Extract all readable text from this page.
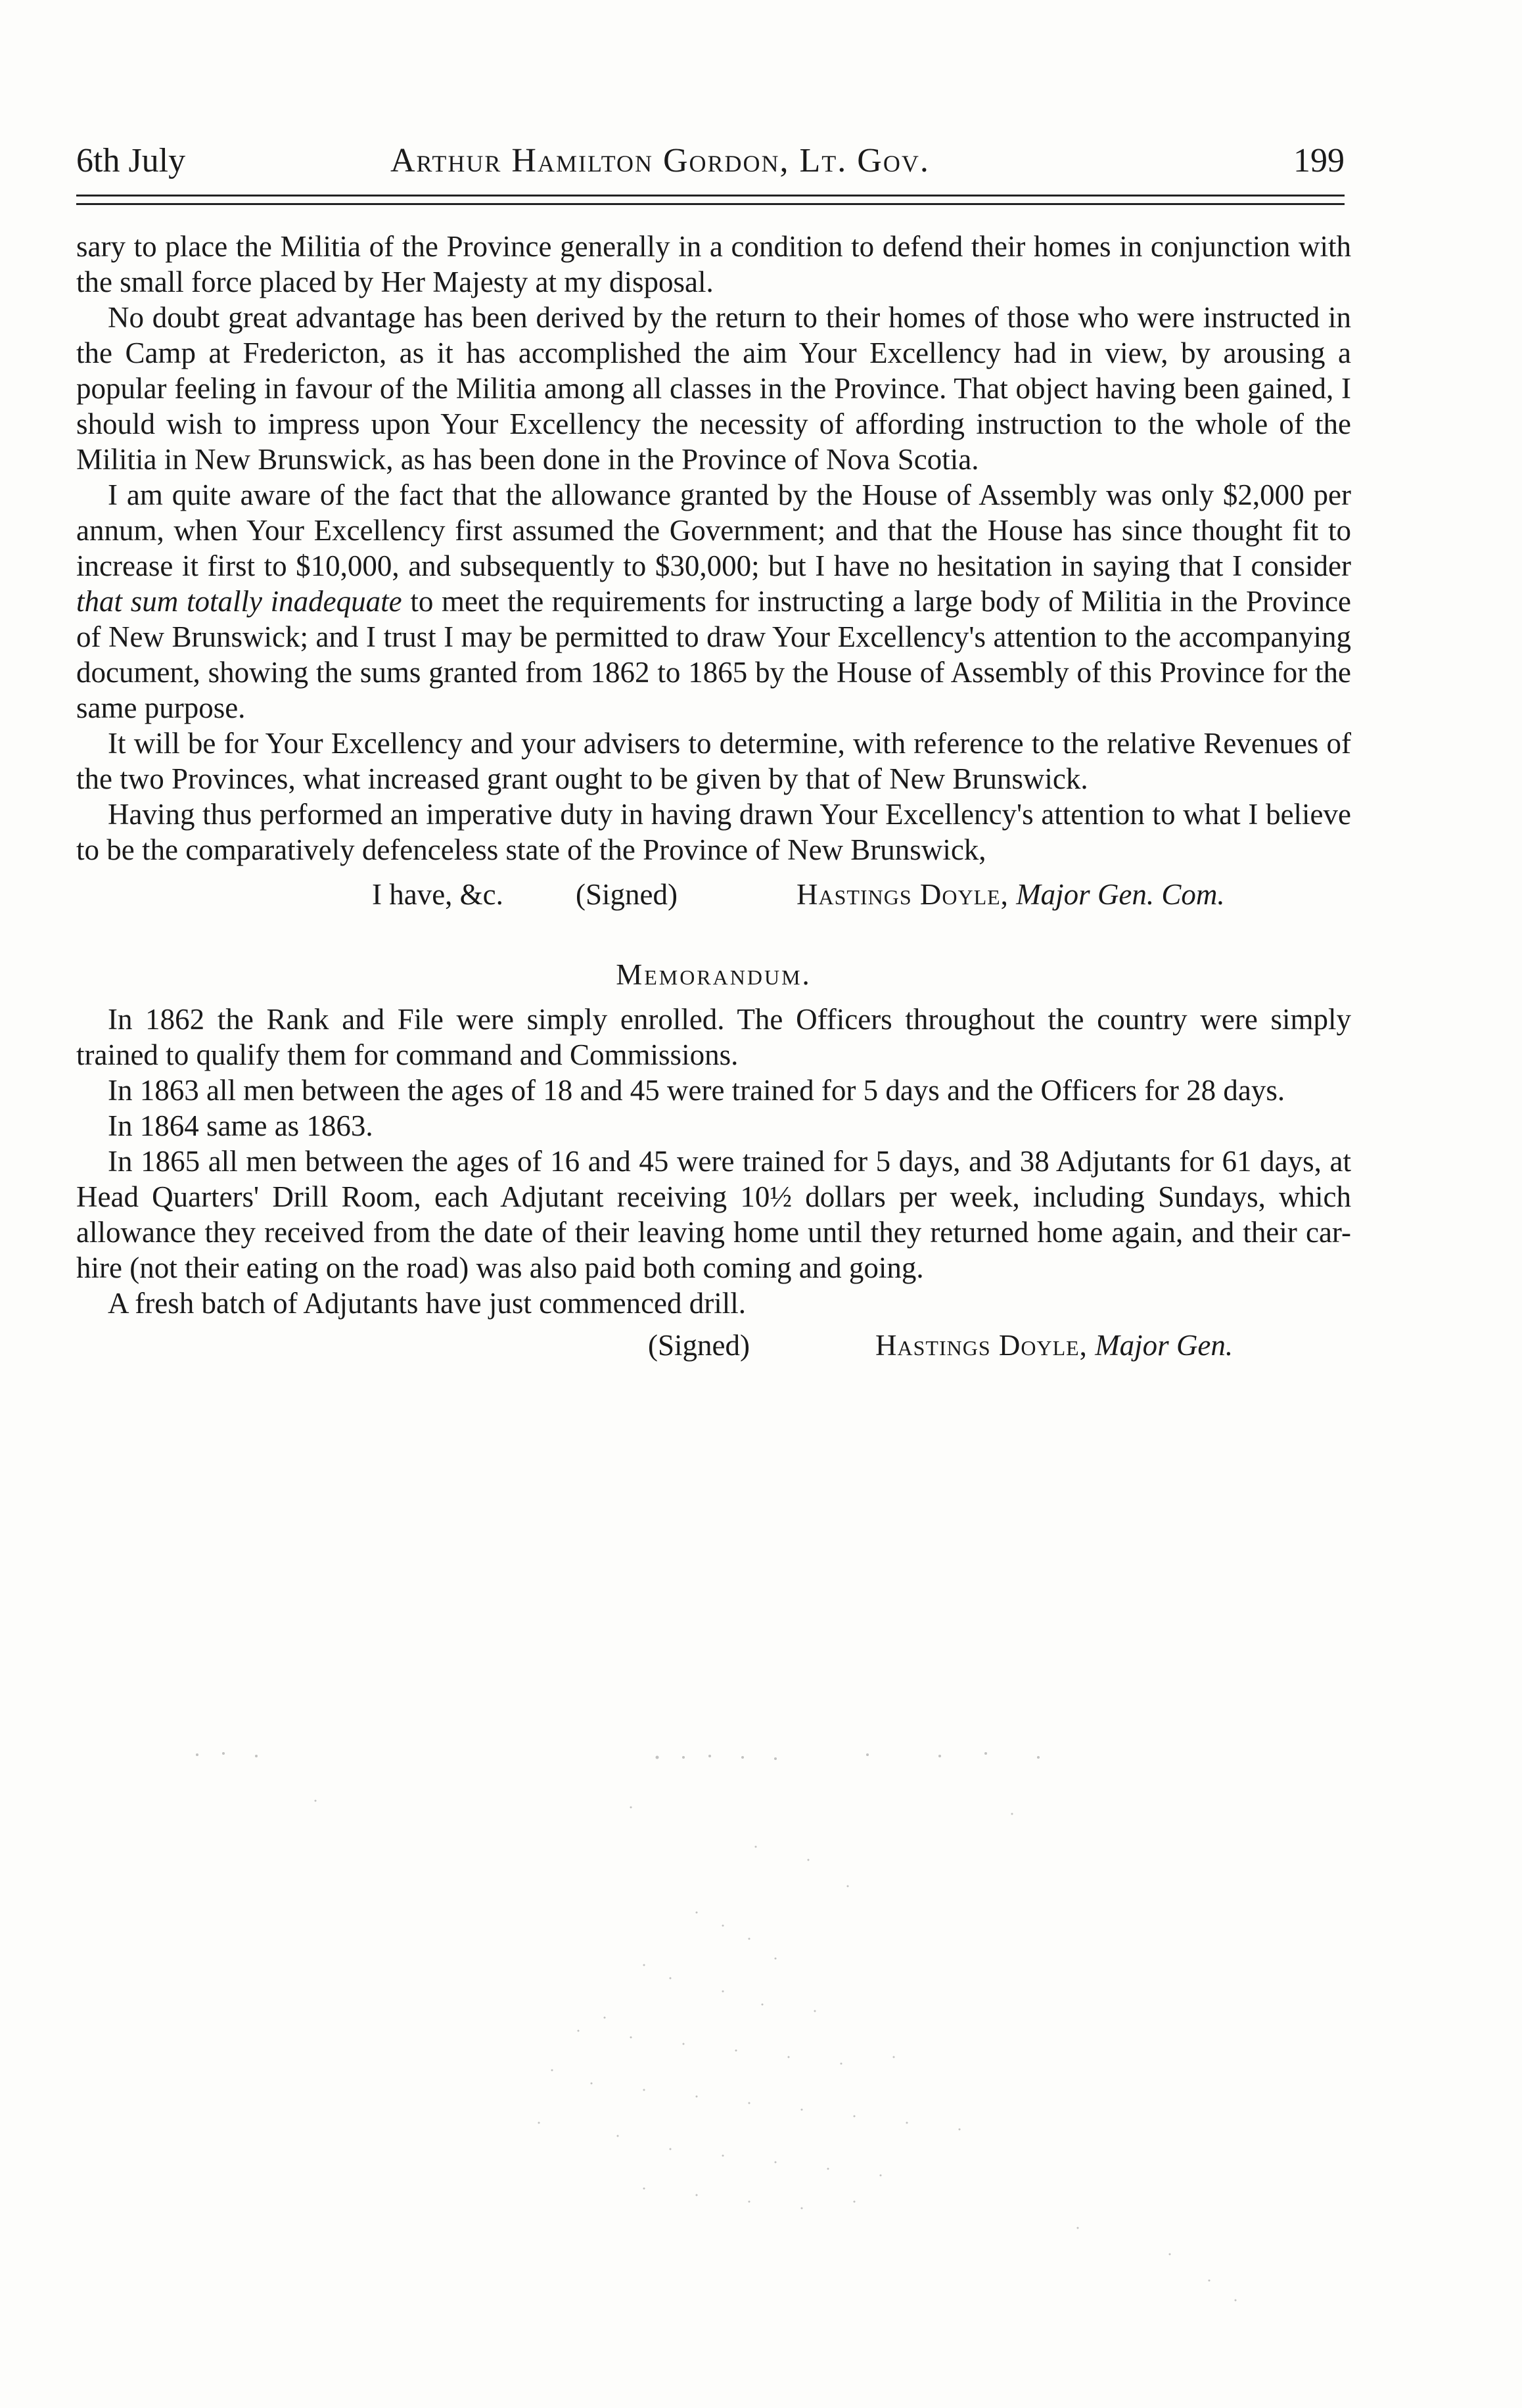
6th July	Arthur Hamilton Gordon, Lt. Gov.	199

sary to place the Militia of the Province generally in a condition to defend their homes in conjunction with the small force placed by Her Majesty at my disposal.

No doubt great advantage has been derived by the return to their homes of those who were instructed in the Camp at Fredericton, as it has accomplished the aim Your Excellency had in view, by arousing a popular feeling in favour of the Militia among all classes in the Province. That object having been gained, I should wish to impress upon Your Excellency the necessity of affording instruction to the whole of the Militia in New Brunswick, as has been done in the Province of Nova Scotia.

I am quite aware of the fact that the allowance granted by the House of Assembly was only $2,000 per annum, when Your Excellency first assumed the Government; and that the House has since thought fit to increase it first to $10,000, and subsequently to $30,000; but I have no hesitation in saying that I consider that sum totally inadequate to meet the requirements for instructing a large body of Militia in the Province of New Brunswick; and I trust I may be permitted to draw Your Excellency's attention to the accompanying document, showing the sums granted from 1862 to 1865 by the House of Assembly of this Province for the same purpose.

It will be for Your Excellency and your advisers to determine, with reference to the relative Revenues of the two Provinces, what increased grant ought to be given by that of New Brunswick.

Having thus performed an imperative duty in having drawn Your Excellency's attention to what I believe to be the comparatively defenceless state of the Province of New Brunswick,

I have, &c. (Signed)	Hastings Doyle, Major Gen. Com.
Memorandum.

In 1862 the Rank and File were simply enrolled. The Officers throughout the country were simply trained to qualify them for command and Commissions.

In 1863 all men between the ages of 18 and 45 were trained for 5 days and the Officers for 28 days.

In 1864 same as 1863.

In 1865 all men between the ages of 16 and 45 were trained for 5 days, and 38 Adjutants for 61 days, at Head Quarters' Drill Room, each Adjutant receiving 10½ dollars per week, including Sundays, which allowance they received from the date of their leaving home until they returned home again, and their car-hire (not their eating on the road) was also paid both coming and going.

A fresh batch of Adjutants have just commenced drill.

(Signed)	Hastings Doyle, Major Gen.
